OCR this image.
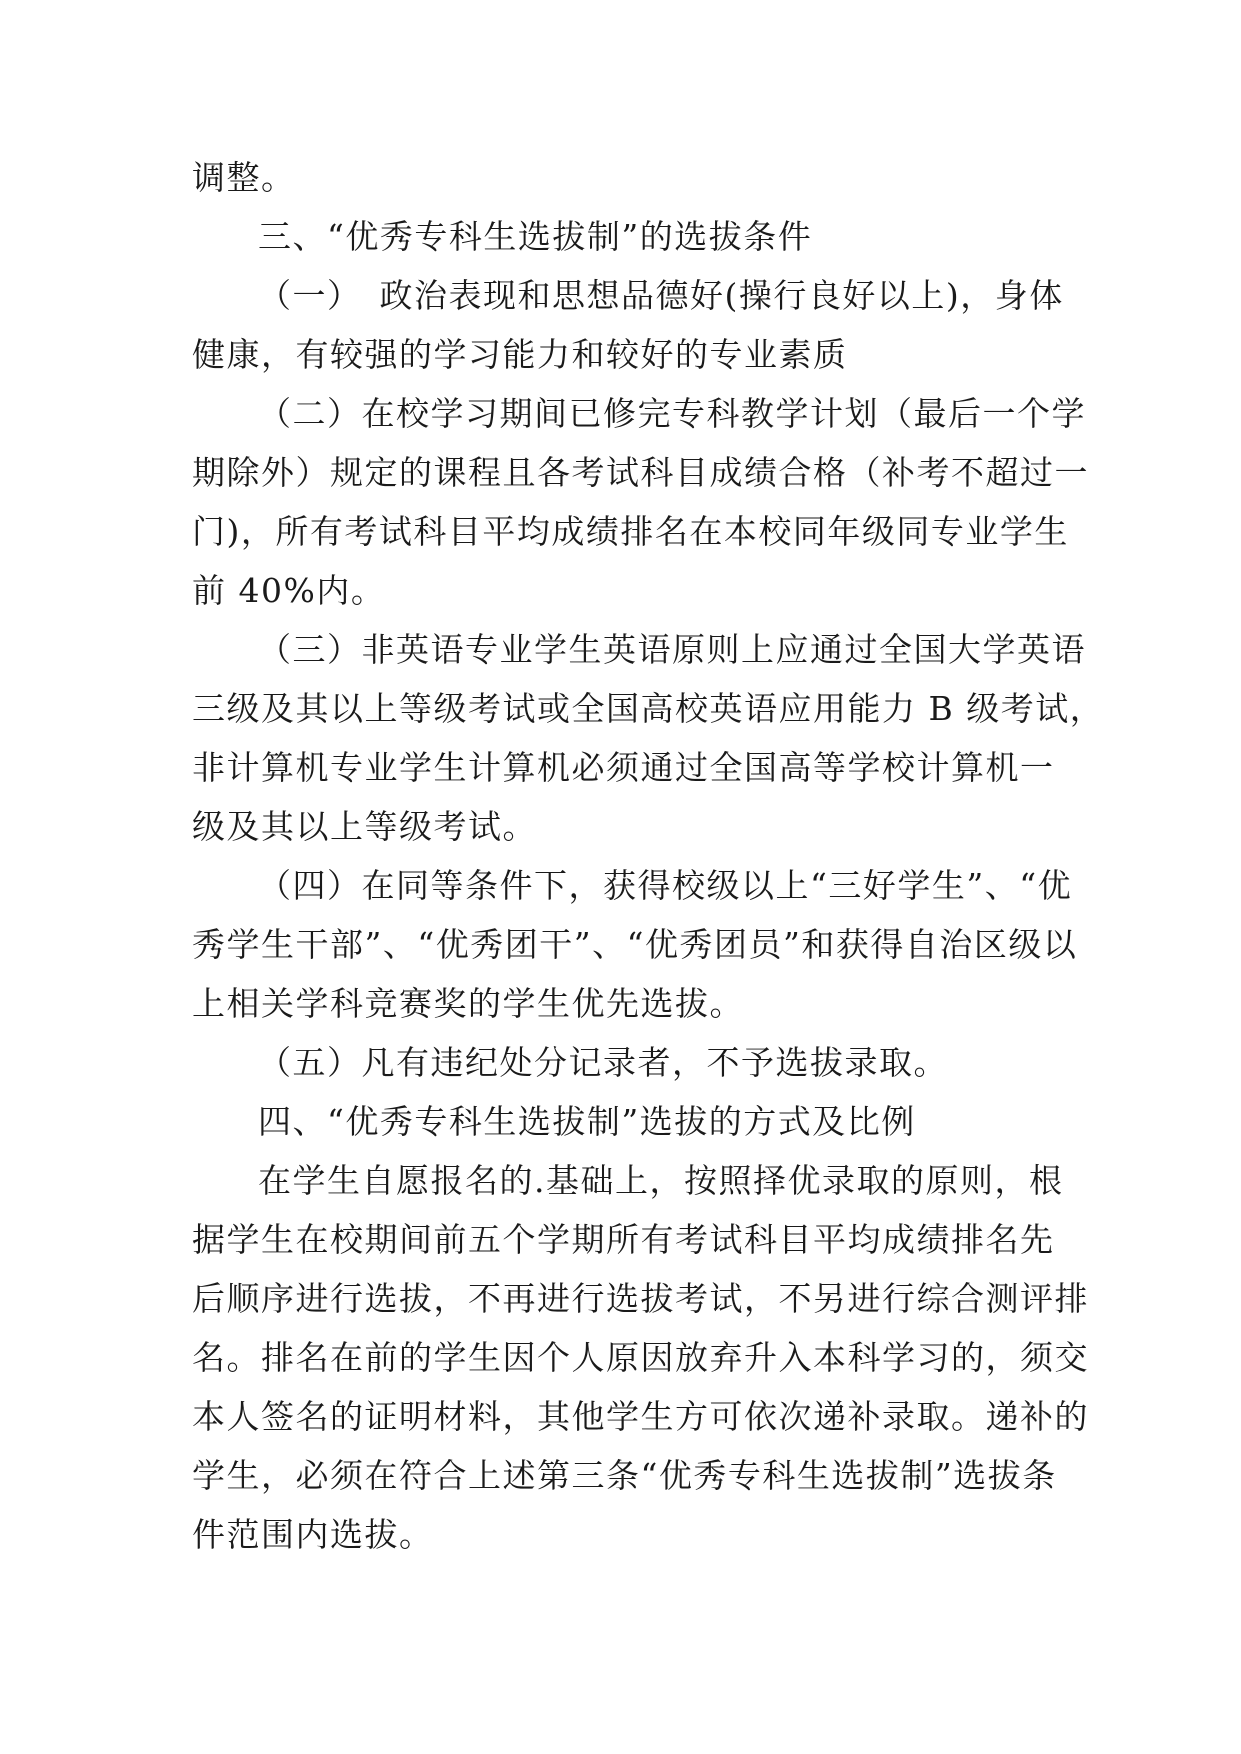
调整。
三、“优秀专科生选拔制”的选拔条件
（一）　政治表现和思想品德好(操行良好以上)，身体
健康，有较强的学习能力和较好的专业素质
（二）在校学习期间已修完专科教学计划（最后一个学
期除外）规定的课程且各考试科目成绩合格（补考不超过一
门)，所有考试科目平均成绩排名在本校同年级同专业学生
前 40%内。
（三）非英语专业学生英语原则上应通过全国大学英语
三级及其以上等级考试或全国高校英语应用能力 B 级考试，
非计算机专业学生计算机必须通过全国高等学校计算机一
级及其以上等级考试。
（四）在同等条件下，获得校级以上“三好学生”、“优
秀学生干部”、“优秀团干”、“优秀团员”和获得自治区级以
上相关学科竞赛奖的学生优先选拔。
（五）凡有违纪处分记录者，不予选拔录取。
四、“优秀专科生选拔制”选拔的方式及比例
在学生自愿报名的.基础上，按照择优录取的原则，根
据学生在校期间前五个学期所有考试科目平均成绩排名先
后顺序进行选拔，不再进行选拔考试，不另进行综合测评排
名。排名在前的学生因个人原因放弃升入本科学习的，须交
本人签名的证明材料，其他学生方可依次递补录取。递补的
学生，必须在符合上述第三条“优秀专科生选拔制”选拔条
件范围内选拔。
